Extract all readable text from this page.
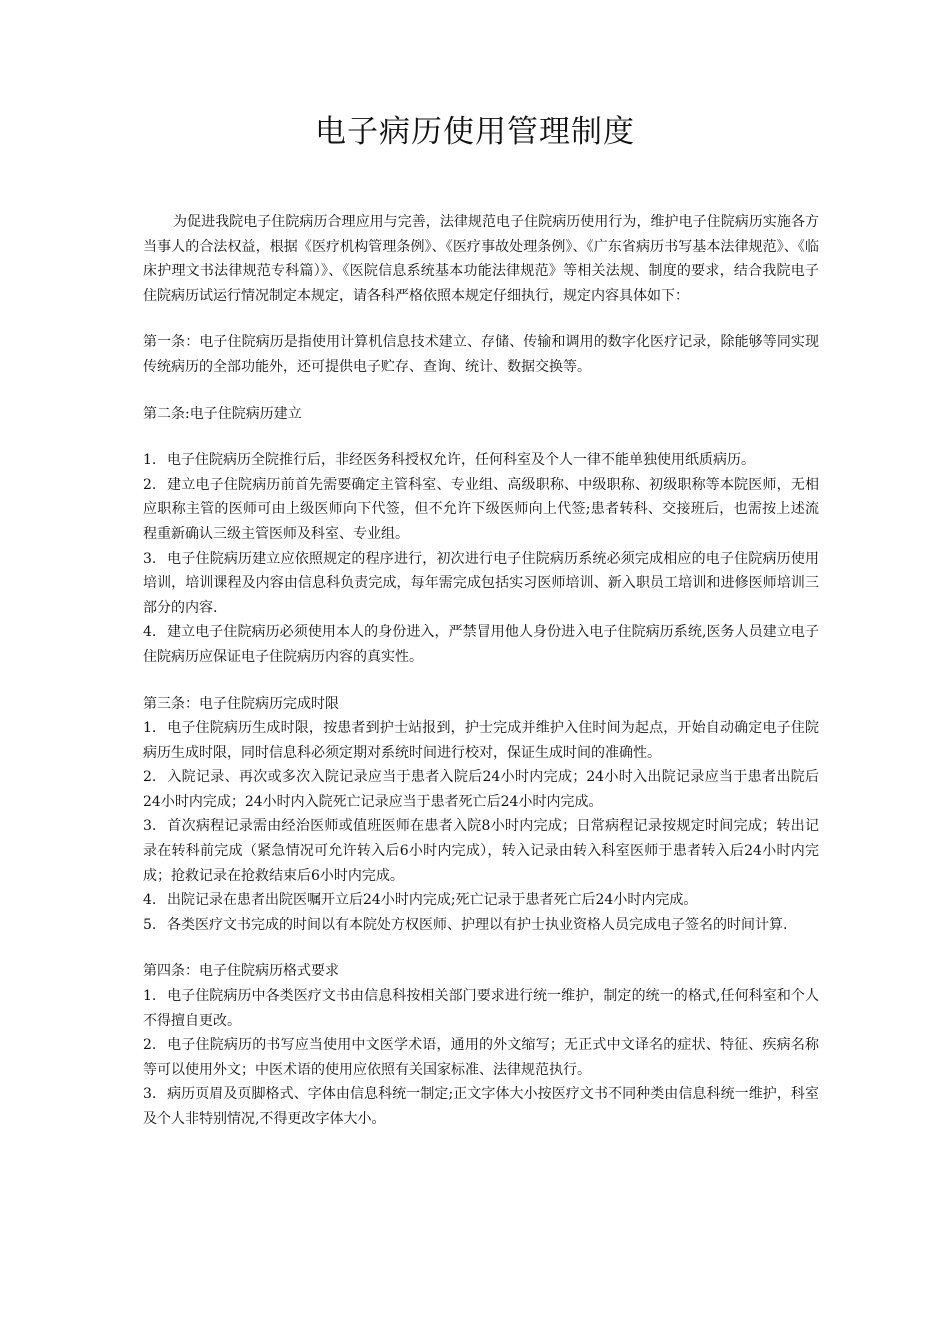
电子病历使用管理制度

为促进我院电子住院病历合理应用与完善，法律规范电子住院病历使用行为，维护电子住院病历实施各方当事人的合法权益，根据《医疗机构管理条例》、《医疗事故处理条例》、《广东省病历书写基本法律规范》、《临床护理文书法律规范专科篇）》、《医院信息系统基本功能法律规范》等相关法规、制度的要求，结合我院电子住院病历试运行情况制定本规定，请各科严格依照本规定仔细执行，规定内容具体如下：

第一条：电子住院病历是指使用计算机信息技术建立、存储、传输和调用的数字化医疗记录，除能够等同实现传统病历的全部功能外，还可提供电子贮存、查询、统计、数据交换等。

第二条:电子住院病历建立

1. 电子住院病历全院推行后，非经医务科授权允许，任何科室及个人一律不能单独使用纸质病历。

2. 建立电子住院病历前首先需要确定主管科室、专业组、高级职称、中级职称、初级职称等本院医师，无相应职称主管的医师可由上级医师向下代签，但不允许下级医师向上代签;患者转科、交接班后，也需按上述流程重新确认三级主管医师及科室、专业组。

3. 电子住院病历建立应依照规定的程序进行，初次进行电子住院病历系统必须完成相应的电子住院病历使用培训，培训课程及内容由信息科负责完成，每年需完成包括实习医师培训、新入职员工培训和进修医师培训三部分的内容.

4. 建立电子住院病历必须使用本人的身份进入，严禁冒用他人身份进入电子住院病历系统,医务人员建立电子住院病历应保证电子住院病历内容的真实性。

第三条：电子住院病历完成时限

1. 电子住院病历生成时限，按患者到护士站报到，护士完成并维护入住时间为起点，开始自动确定电子住院病历生成时限，同时信息科必须定期对系统时间进行校对，保证生成时间的准确性。

2. 入院记录、再次或多次入院记录应当于患者入院后24小时内完成；24小时入出院记录应当于患者出院后24小时内完成；24小时内入院死亡记录应当于患者死亡后24小时内完成。

3. 首次病程记录需由经治医师或值班医师在患者入院8小时内完成；日常病程记录按规定时间完成；转出记录在转科前完成（紧急情况可允许转入后6小时内完成），转入记录由转入科室医师于患者转入后24小时内完成；抢救记录在抢救结束后6小时内完成。

4. 出院记录在患者出院医嘱开立后24小时内完成;死亡记录于患者死亡后24小时内完成。

5. 各类医疗文书完成的时间以有本院处方权医师、护理以有护士执业资格人员完成电子签名的时间计算.

第四条：电子住院病历格式要求

1. 电子住院病历中各类医疗文书由信息科按相关部门要求进行统一维护，制定的统一的格式,任何科室和个人不得擅自更改。

2. 电子住院病历的书写应当使用中文医学术语，通用的外文缩写；无正式中文译名的症状、特征、疾病名称等可以使用外文；中医术语的使用应依照有关国家标准、法律规范执行。

3. 病历页眉及页脚格式、字体由信息科统一制定;正文字体大小按医疗文书不同种类由信息科统一维护，科室及个人非特别情况,不得更改字体大小。
